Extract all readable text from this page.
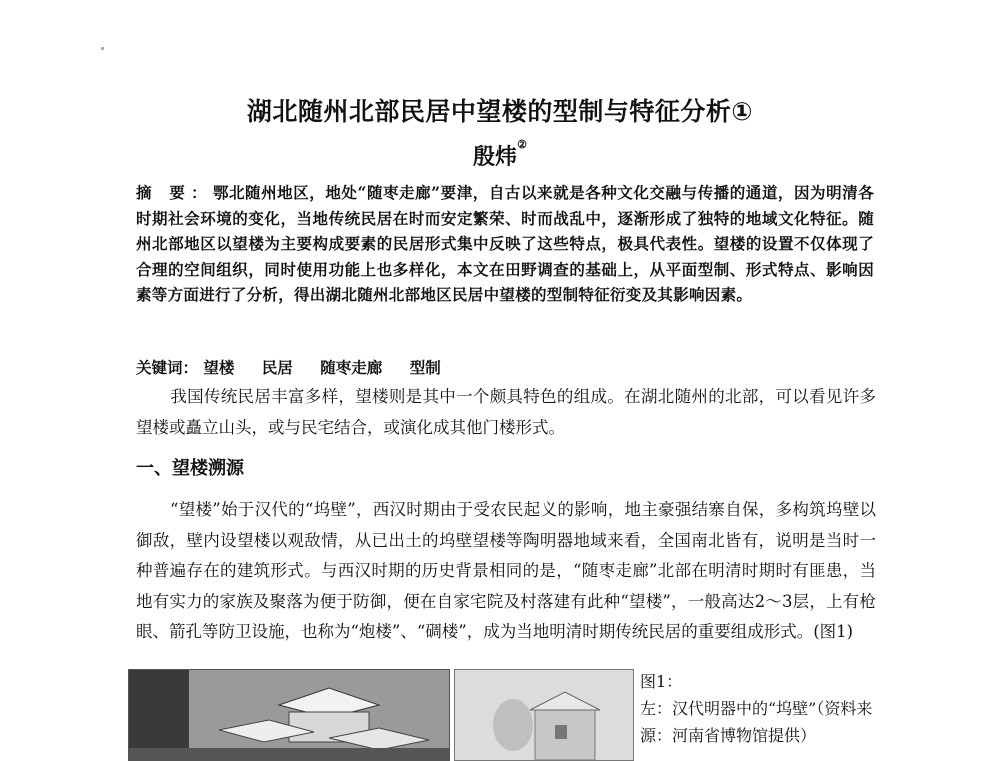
湖北随州北部民居中望楼的型制与特征分析①
殷炜②
摘 要：鄂北随州地区，地处“随枣走廊”要津，自古以来就是各种文化交融与传播的通道，因为明清各时期社会环境的变化，当地传统民居在时而安定繁荣、时而战乱中，逐渐形成了独特的地域文化特征。随州北部地区以望楼为主要构成要素的民居形式集中反映了这些特点，极具代表性。望楼的设置不仅体现了合理的空间组织，同时使用功能上也多样化，本文在田野调查的基础上，从平面型制、形式特点、影响因素等方面进行了分析，得出湖北随州北部地区民居中望楼的型制特征衍变及其影响因素。
关键词： 望楼 民居 随枣走廊 型制
我国传统民居丰富多样，望楼则是其中一个颇具特色的组成。在湖北随州的北部，可以看见许多望楼或矗立山头，或与民宅结合，或演化成其他门楼形式。
一、望楼溯源
“望楼”始于汉代的“坞壁”，西汉时期由于受农民起义的影响，地主豪强结寨自保，多构筑坞壁以御敌，壁内设望楼以观敌情，从已出土的坞壁望楼等陶明器地域来看，全国南北皆有，说明是当时一种普遍存在的建筑形式。与西汉时期的历史背景相同的是，“随枣走廊”北部在明清时期时有匪患，当地有实力的家族及聚落为便于防御，便在自家宅院及村落建有此种“望楼”，一般高达2～3层，上有枪眼、箭孔等防卫设施，也称为“炮楼”、“碉楼”，成为当地明清时期传统民居的重要组成形式。(图1)
图1：
左：汉代明器中的“坞壁”（资料来源：河南省博物馆提供）
